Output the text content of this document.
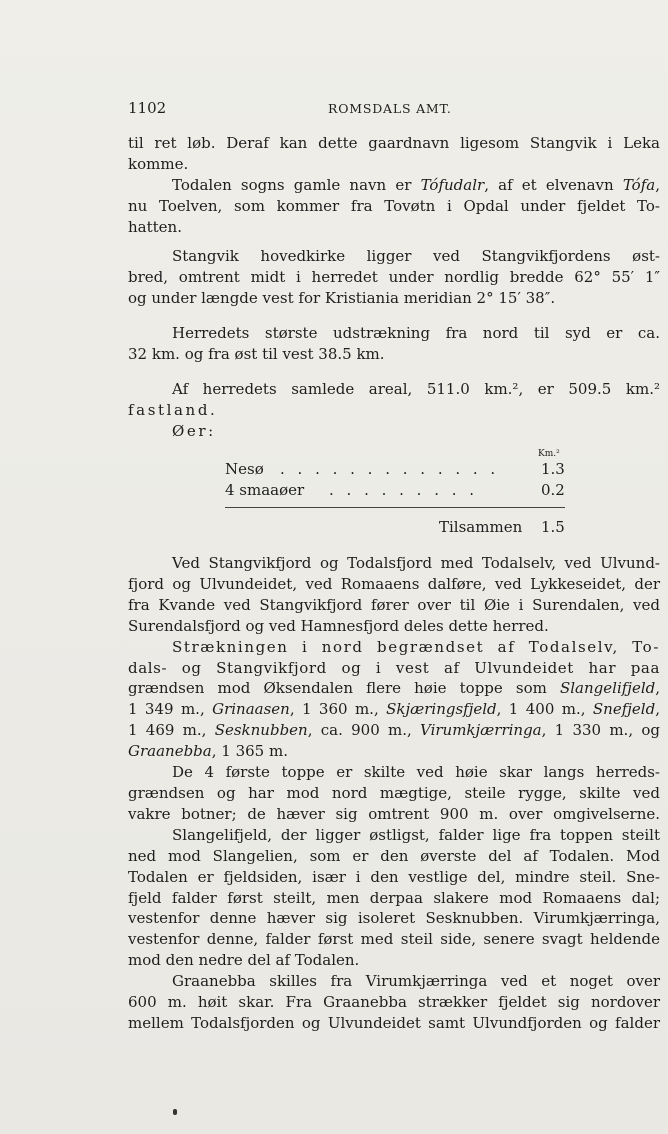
1102	ROMSDALS AMT.

til ret løb. Deraf kan dette gaardnavn ligesom Stangvik i Leka
komme.

Todalen sogns gamle navn er Tófudalr, af et elvenavn Tófa,
nu Toelven, som kommer fra Tovøtn i Opdal under fjeldet To-
hatten.

Stangvik hovedkirke ligger ved Stangvikfjordens øst-
bred, omtrent midt i herredet under nordlig bredde 62° 55′ 1″
og under længde vest for Kristiania meridian 2° 15′ 38″.

Herredets største udstrækning fra nord til syd er ca.
32 km. og fra øst til vest 38.5 km.

Af herredets samlede areal, 511.0 km.², er 509.5 km.²
fastland.

Øer:

Km.²
Nesø . . . . . . . . . . . . .	1.3
4 smaaøer . . . . . . . . .	0.2
Tilsammen 1.5
Ved Stangvikfjord og Todalsfjord med Todalselv, ved Ulvund-
fjord og Ulvundeidet, ved Romaaens dalføre, ved Lykkeseidet, der
fra Kvande ved Stangvikfjord fører over til Øie i Surendalen, ved
Surendalsfjord og ved Hamnesfjord deles dette herred.
Strækningen i nord begrændset af Todalselv, To-
dals- og Stangvikfjord og i vest af Ulvundeidet har paa
grændsen mod Øksendalen flere høie toppe som Slangelifjeld,
1 349 m., Grinaasen, 1 360 m., Skjæringsfjeld, 1 400 m., Snefjeld,
1 469 m., Sesknubben, ca. 900 m., Virumkjærringa, 1 330 m., og
Graanebba, 1 365 m.
De 4 første toppe er skilte ved høie skar langs herreds-
grændsen og har mod nord mægtige, steile rygge, skilte ved
vakre botner; de hæver sig omtrent 900 m. over omgivelserne.
Slangelifjeld, der ligger østligst, falder lige fra toppen steilt
ned mod Slangelien, som er den øverste del af Todalen. Mod
Todalen er fjeldsiden, især i den vestlige del, mindre steil. Sne-
fjeld falder først steilt, men derpaa slakere mod Romaaens dal;
vestenfor denne hæver sig isoleret Sesknubben. Virumkjærringa,
vestenfor denne, falder først med steil side, senere svagt heldende
mod den nedre del af Todalen.
Graanebba skilles fra Virumkjærringa ved et noget over
600 m. høit skar. Fra Graanebba strækker fjeldet sig nordover
mellem Todalsfjorden og Ulvundeidet samt Ulvundfjorden og falder
